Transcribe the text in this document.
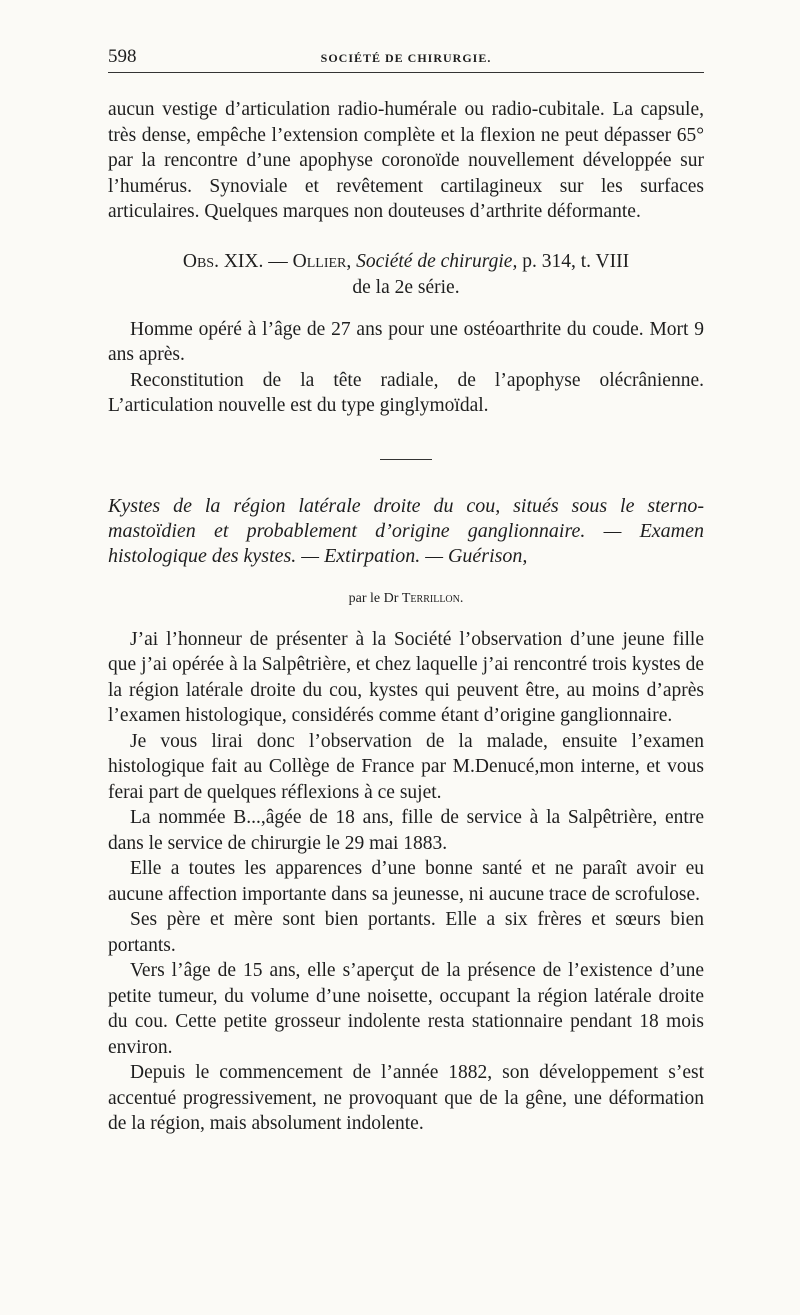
598	SOCIÉTÉ DE CHIRURGIE.

aucun vestige d’articulation radio-humérale ou radio-cubitale. La capsule, très dense, empêche l’extension complète et la flexion ne peut dépasser 65° par la rencontre d’une apophyse coronoïde nouvellement développée sur l’humérus. Synoviale et revêtement cartilagineux sur les surfaces articulaires. Quelques marques non douteuses d’arthrite déformante.

Obs. XIX. — Ollier, Société de chirurgie, p. 314, t. VIII
de la 2e série.

Homme opéré à l’âge de 27 ans pour une ostéoarthrite du coude. Mort 9 ans après.

Reconstitution de la tête radiale, de l’apophyse olécrânienne. L’articulation nouvelle est du type ginglymoïdal.

Kystes de la région latérale droite du cou, situés sous le sterno-mastoïdien et probablement d’origine ganglionnaire. — Examen histologique des kystes. — Extirpation. — Guérison,

par le Dr Terrillon.

J’ai l’honneur de présenter à la Société l’observation d’une jeune fille que j’ai opérée à la Salpêtrière, et chez laquelle j’ai rencontré trois kystes de la région latérale droite du cou, kystes qui peuvent être, au moins d’après l’examen histologique, considérés comme étant d’origine ganglionnaire.

Je vous lirai donc l’observation de la malade, ensuite l’examen histologique fait au Collège de France par M.Denucé,mon interne, et vous ferai part de quelques réflexions à ce sujet.

La nommée B...,âgée de 18 ans, fille de service à la Salpêtrière, entre dans le service de chirurgie le 29 mai 1883.

Elle a toutes les apparences d’une bonne santé et ne paraît avoir eu aucune affection importante dans sa jeunesse, ni aucune trace de scrofulose.

Ses père et mère sont bien portants. Elle a six frères et sœurs bien portants.

Vers l’âge de 15 ans, elle s’aperçut de la présence de l’existence d’une petite tumeur, du volume d’une noisette, occupant la région latérale droite du cou. Cette petite grosseur indolente resta stationnaire pendant 18 mois environ.

Depuis le commencement de l’année 1882, son développement s’est accentué progressivement, ne provoquant que de la gêne, une déformation de la région, mais absolument indolente.
